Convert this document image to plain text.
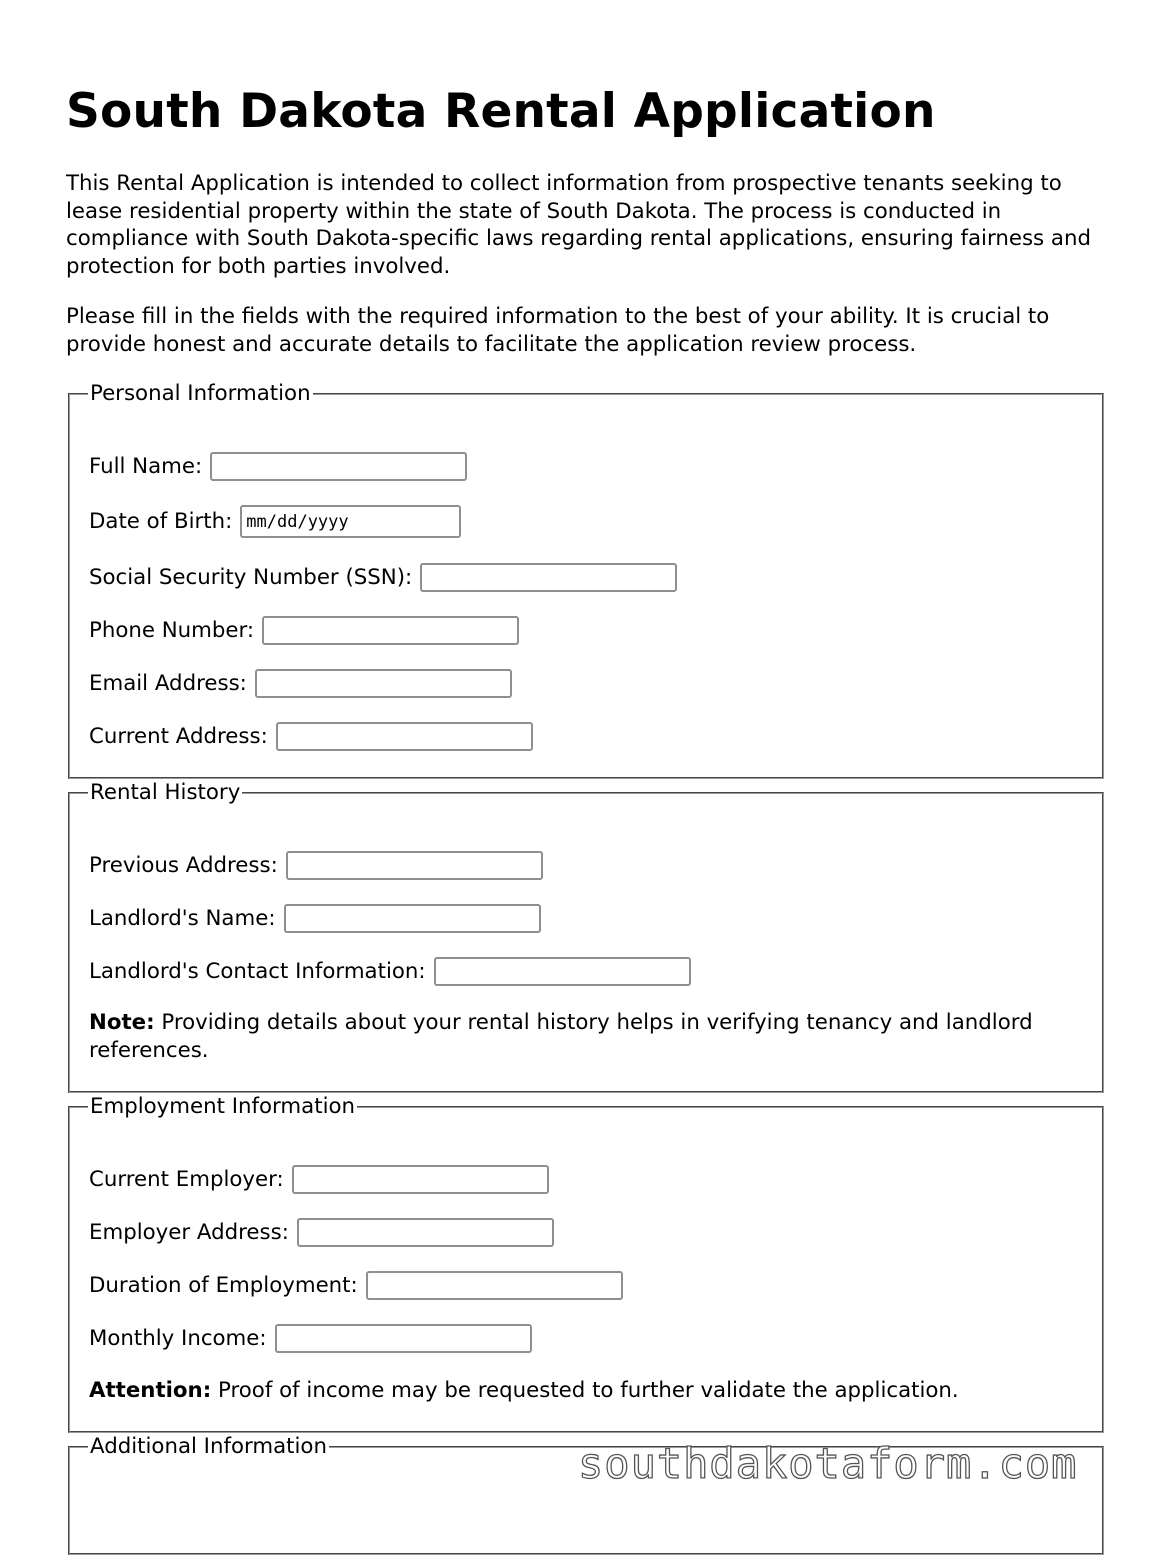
South Dakota Rental Application

This Rental Application is intended to collect information from prospective tenants seeking to lease residential property within the state of South Dakota. The process is conducted in compliance with South Dakota-specific laws regarding rental applications, ensuring fairness and protection for both parties involved.

Please fill in the fields with the required information to the best of your ability. It is crucial to provide honest and accurate details to facilitate the application review process.

Personal Information
Full Name:
Date of Birth:
mm/dd/yyyy
Social Security Number (SSN):
Phone Number:
Email Address:
Current Address:
Rental History
Previous Address:
Landlord's Name:
Landlord's Contact Information:

Note: Providing details about your rental history helps in verifying tenancy and landlord references.

Employment Information
Current Employer:
Employer Address:
Duration of Employment:
Monthly Income:

Attention: Proof of income may be requested to further validate the application.

Additional Information	southdakotaform.com
